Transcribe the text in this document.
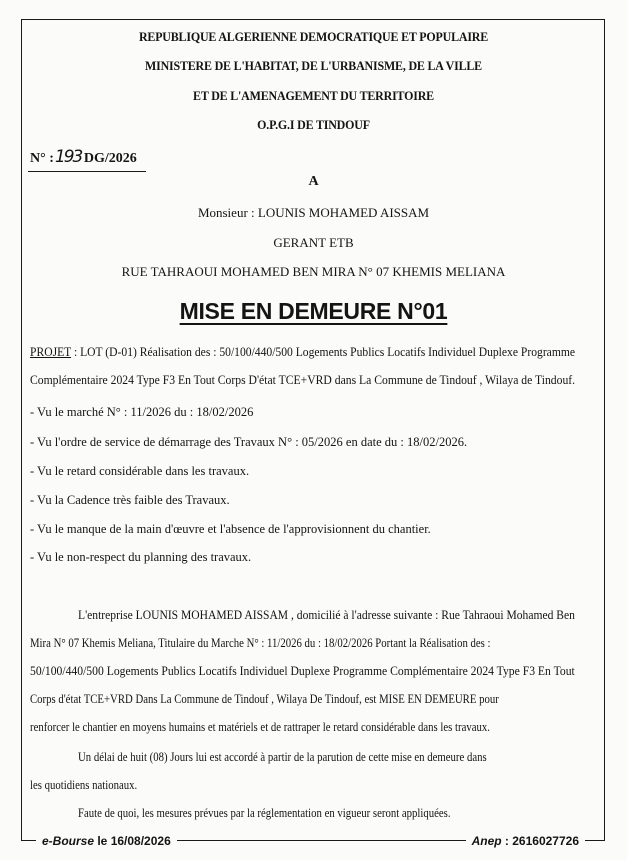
REPUBLIQUE ALGERIENNE DEMOCRATIQUE ET POPULAIRE
MINISTERE DE L'HABITAT, DE L'URBANISME, DE LA VILLE
ET DE L'AMENAGEMENT DU TERRITOIRE
O.P.G.I DE TINDOUF
N° : 193 DG/2026
A
Monsieur : LOUNIS MOHAMED AISSAM
GERANT ETB
RUE TAHRAOUI MOHAMED BEN MIRA N° 07 KHEMIS MELIANA
MISE EN DEMEURE N°01
PROJET : LOT (D-01) Réalisation des : 50/100/440/500 Logements Publics Locatifs Individuel Duplexe Programme
Complémentaire 2024 Type F3 En Tout Corps D'état TCE+VRD dans La Commune de Tindouf , Wilaya de Tindouf.
- Vu le marché N° : 11/2026 du : 18/02/2026
- Vu l'ordre de service de démarrage des Travaux N° : 05/2026 en date du : 18/02/2026.
- Vu le retard considérable dans les travaux.
- Vu la Cadence très faible des Travaux.
- Vu le manque de la main d'œuvre et l'absence de l'approvisionnent du chantier.
- Vu le non-respect du planning des travaux.
L'entreprise LOUNIS MOHAMED AISSAM , domicilié à l'adresse suivante : Rue Tahraoui Mohamed Ben
Mira N° 07 Khemis Meliana, Titulaire du Marche N° : 11/2026 du : 18/02/2026 Portant la Réalisation des :
50/100/440/500 Logements Publics Locatifs Individuel Duplexe Programme Complémentaire 2024 Type F3 En Tout
Corps d'état TCE+VRD Dans La Commune de Tindouf , Wilaya De Tindouf, est MISE EN DEMEURE pour
renforcer le chantier en moyens humains et matériels et de rattraper le retard considérable dans les travaux.
Un délai de huit (08) Jours lui est accordé à partir de la parution de cette mise en demeure dans
les quotidiens nationaux.
Faute de quoi, les mesures prévues par la réglementation en vigueur seront appliquées.
e-Bourse le 16/08/2026	Anep : 2616027726
